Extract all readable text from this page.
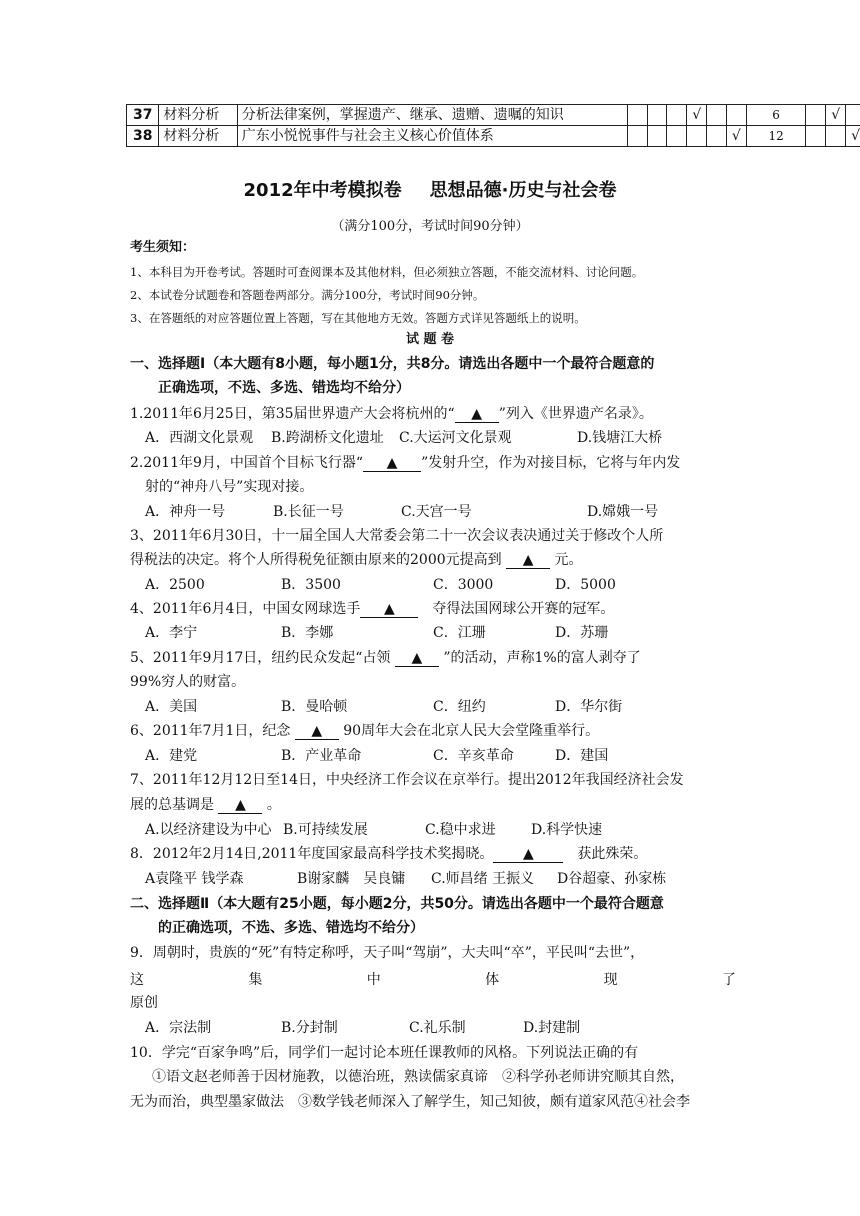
37	材料分析	分析法律案例，掌握遗产、继承、遗赠、遗嘱的知识				√			6		√	
38	材料分析	广东小悦悦事件与社会主义核心价值体系						√	12			√
2012年中考模拟卷 思想品德·历史与社会卷
（满分100分，考试时间90分钟）
考生须知：
1、本科目为开卷考试。答题时可查阅课本及其他材料，但必须独立答题，不能交流材料、讨论问题。
2、本试卷分试题卷和答题卷两部分。满分100分，考试时间90分钟。
3、在答题纸的对应答题位置上答题，写在其他地方无效。答题方式详见答题纸上的说明。
试 题 卷
一、选择题Ⅰ（本大题有8小题，每小题1分，共8分。请选出各题中一个最符合题意的
正确选项，不选、多选、错选均不给分）
1.2011年6月25日，第35届世界遗产大会将杭州的“ ▲ ”列入《世界遗产名录》。
A．西湖文化景观 B.跨湖桥文化遗址 C.大运河文化景观	D.钱塘江大桥
2.2011年9月，中国首个目标飞行器“ ▲ ”发射升空，作为对接目标，它将与年内发
射的“神舟八号”实现对接。
A．神舟一号	B.长征一号	C.天宫一号	D.嫦娥一号
3、2011年6月30日，十一届全国人大常委会第二十一次会议表决通过关于修改个人所
得税法的决定。将个人所得税免征额由原来的2000元提高到 ▲ 元。
A．2500	B．3500	C．3000	D．5000
4、2011年6月4日，中国女网球选手 ▲　	夺得法国网球公开赛的冠军。
A．李宁	B．李娜	C．江珊	D．苏珊
5、2011年9月17日，纽约民众发起“占领 ▲ ”的活动，声称1%的富人剥夺了
99%穷人的财富。
A．美国	B．曼哈顿	C．纽约	D．华尔街
6、2011年7月1日，纪念 ▲ 90周年大会在北京人民大会堂隆重举行。
A．建党	B．产业革命	C．辛亥革命	D．建国
7、2011年12月12日至14日，中央经济工作会议在京举行。提出2012年我国经济社会发
展的总基调是 ▲ 。
A.以经济建设为中心 B.可持续发展	C.稳中求进	D.科学快速
8．2012年2月14日,2011年度国家最高科学技术奖揭晓。 ▲　	获此殊荣。
A袁隆平 钱学森	B谢家麟　吴良镛 C.师昌绪 王振义 D谷超豪、孙家栋
二、选择题Ⅱ（本大题有25小题，每小题2分，共50分。请选出各题中一个最符合题意
的正确选项，不选、多选、错选均不给分）
9．周朝时，贵族的“死”有特定称呼，天子叫“驾崩”，大夫叫“卒”，平民叫“去世”，
这	集	中	体	现	了
原创
A．宗法制	B.分封制	C.礼乐制	D.封建制
10．学完“百家争鸣”后，同学们一起讨论本班任课教师的风格。下列说法正确的有
①语文赵老师善于因材施教，以德治班，熟读儒家真谛　②科学孙老师讲究顺其自然，
无为而治，典型墨家做法　③数学钱老师深入了解学生，知己知彼，颇有道家风范④社会李
